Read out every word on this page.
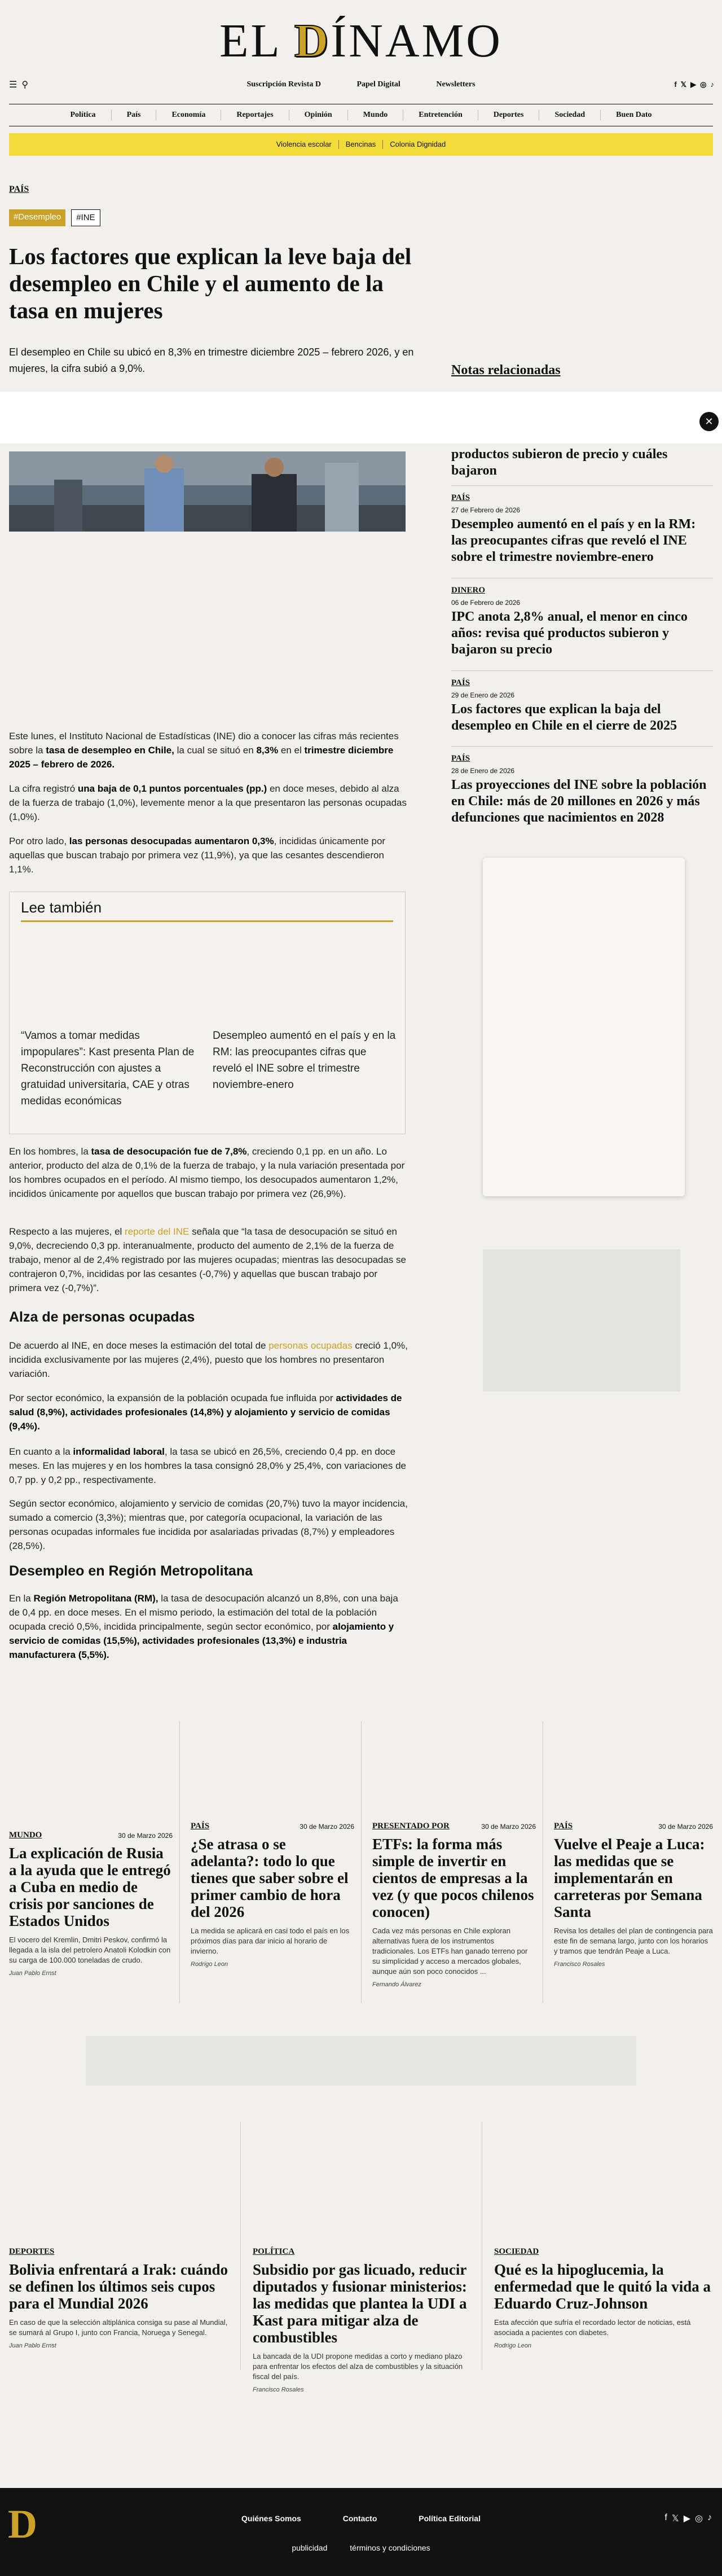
EL DÍNAMO
☰ ⚲	Suscripción Revista D	Papel Digital	Newsletters	f 𝕏 ▶ ◎ ♪
Política	País	Economía	Reportajes	Opinión	Mundo	Entretención	Deportes	Sociedad	Buen Dato
Violencia escolar	Bencinas	Colonia Dignidad
PAÍS
#Desempleo	#INE
Los factores que explican la leve baja del desempleo en Chile y el aumento de la tasa en mujeres

El desempleo en Chile su ubicó en 8,3% en trimestre diciembre 2025 – febrero 2026, y en mujeres, la cifra subió a 9,0%.

✕

Este lunes, el Instituto Nacional de Estadísticas (INE) dio a conocer las cifras más recientes sobre la tasa de desempleo en Chile, la cual se situó en 8,3% en el trimestre diciembre 2025 – febrero de 2026.

La cifra registró una baja de 0,1 puntos porcentuales (pp.) en doce meses, debido al alza de la fuerza de trabajo (1,0%), levemente menor a la que presentaron las personas ocupadas (1,0%).

Por otro lado, las personas desocupadas aumentaron 0,3%, incididas únicamente por aquellas que buscan trabajo por primera vez (11,9%), ya que las cesantes descendieron 1,1%.

Lee también
“Vamos a tomar medidas impopulares”: Kast presenta Plan de Reconstrucción con ajustes a gratuidad universitaria, CAE y otras medidas económicas
Desempleo aumentó en el país y en la RM: las preocupantes cifras que reveló el INE sobre el trimestre noviembre-enero

En los hombres, la tasa de desocupación fue de 7,8%, creciendo 0,1 pp. en un año. Lo anterior, producto del alza de 0,1% de la fuerza de trabajo, y la nula variación presentada por los hombres ocupados en el período. Al mismo tiempo, los desocupados aumentaron 1,2%, incididos únicamente por aquellos que buscan trabajo por primera vez (26,9%).

Respecto a las mujeres, el reporte del INE señala que “la tasa de desocupación se situó en 9,0%, decreciendo 0,3 pp. interanualmente, producto del aumento de 2,1% de la fuerza de trabajo, menor al de 2,4% registrado por las mujeres ocupadas; mientras las desocupadas se contrajeron 0,7%, incididas por las cesantes (-0,7%) y aquellas que buscan trabajo por primera vez (-0,7%)”.

Alza de personas ocupadas

De acuerdo al INE, en doce meses la estimación del total de personas ocupadas creció 1,0%, incidida exclusivamente por las mujeres (2,4%), puesto que los hombres no presentaron variación.

Por sector económico, la expansión de la población ocupada fue influida por actividades de salud (8,9%), actividades profesionales (14,8%) y alojamiento y servicio de comidas (9,4%).

En cuanto a la informalidad laboral, la tasa se ubicó en 26,5%, creciendo 0,4 pp. en doce meses. En las mujeres y en los hombres la tasa consignó 28,0% y 25,4%, con variaciones de 0,7 pp. y 0,2 pp., respectivamente.

Según sector económico, alojamiento y servicio de comidas (20,7%) tuvo la mayor incidencia, sumado a comercio (3,3%); mientras que, por categoría ocupacional, la variación de las personas ocupadas informales fue incidida por asalariadas privadas (8,7%) y empleadores (28,5%).

Desempleo en Región Metropolitana

En la Región Metropolitana (RM), la tasa de desocupación alcanzó un 8,8%, con una baja de 0,4 pp. en doce meses. En el mismo periodo, la estimación del total de la población ocupada creció 0,5%, incidida principalmente, según sector económico, por alojamiento y servicio de comidas (15,5%), actividades profesionales (13,3%) e industria manufacturera (5,5%).

Notas relacionadas
productos subieron de precio y cuáles bajaron
PAÍS
27 de Febrero de 2026
Desempleo aumentó en el país y en la RM: las preocupantes cifras que reveló el INE sobre el trimestre noviembre-enero
DINERO
06 de Febrero de 2026
IPC anota 2,8% anual, el menor en cinco años: revisa qué productos subieron y bajaron su precio
PAÍS
29 de Enero de 2026
Los factores que explican la baja del desempleo en Chile en el cierre de 2025
PAÍS
28 de Enero de 2026
Las proyecciones del INE sobre la población en Chile: más de 20 millones en 2026 y más defunciones que nacimientos en 2028
MUNDO	30 de Marzo 2026
La explicación de Rusia a la ayuda que le entregó a Cuba en medio de crisis por sanciones de Estados Unidos
El vocero del Kremlin, Dmitri Peskov, confirmó la llegada a la isla del petrolero Anatoli Kolodkin con su carga de 100.000 toneladas de crudo.
Juan Pablo Ernst
PAÍS	30 de Marzo 2026
¿Se atrasa o se adelanta?: todo lo que tienes que saber sobre el primer cambio de hora del 2026
La medida se aplicará en casi todo el país en los próximos días para dar inicio al horario de invierno.
Rodrigo Leon
PRESENTADO POR	30 de Marzo 2026
ETFs: la forma más simple de invertir en cientos de empresas a la vez (y que pocos chilenos conocen)
Cada vez más personas en Chile exploran alternativas fuera de los instrumentos tradicionales. Los ETFs han ganado terreno por su simplicidad y acceso a mercados globales, aunque aún son poco conocidos ...
Fernando Álvarez
PAÍS	30 de Marzo 2026
Vuelve el Peaje a Luca: las medidas que se implementarán en carreteras por Semana Santa
Revisa los detalles del plan de contingencia para este fin de semana largo, junto con los horarios y tramos que tendrán Peaje a Luca.
Francisco Rosales
DEPORTES
Bolivia enfrentará a Irak: cuándo se definen los últimos seis cupos para el Mundial 2026
En caso de que la selección altiplánica consiga su pase al Mundial, se sumará al Grupo I, junto con Francia, Noruega y Senegal.
Juan Pablo Ernst
POLÍTICA
Subsidio por gas licuado, reducir diputados y fusionar ministerios: las medidas que plantea la UDI a Kast para mitigar alza de combustibles
La bancada de la UDI propone medidas a corto y mediano plazo para enfrentar los efectos del alza de combustibles y la situación fiscal del país.
Francisco Rosales
SOCIEDAD
Qué es la hipoglucemia, la enfermedad que le quitó la vida a Eduardo Cruz-Johnson
Esta afección que sufría el recordado lector de noticias, está asociada a pacientes con diabetes.
Rodrigo Leon
D	Quiénes Somos	Contacto	Política Editorial
publicidad	términos y condiciones
f 𝕏 ▶ ◎ ♪
